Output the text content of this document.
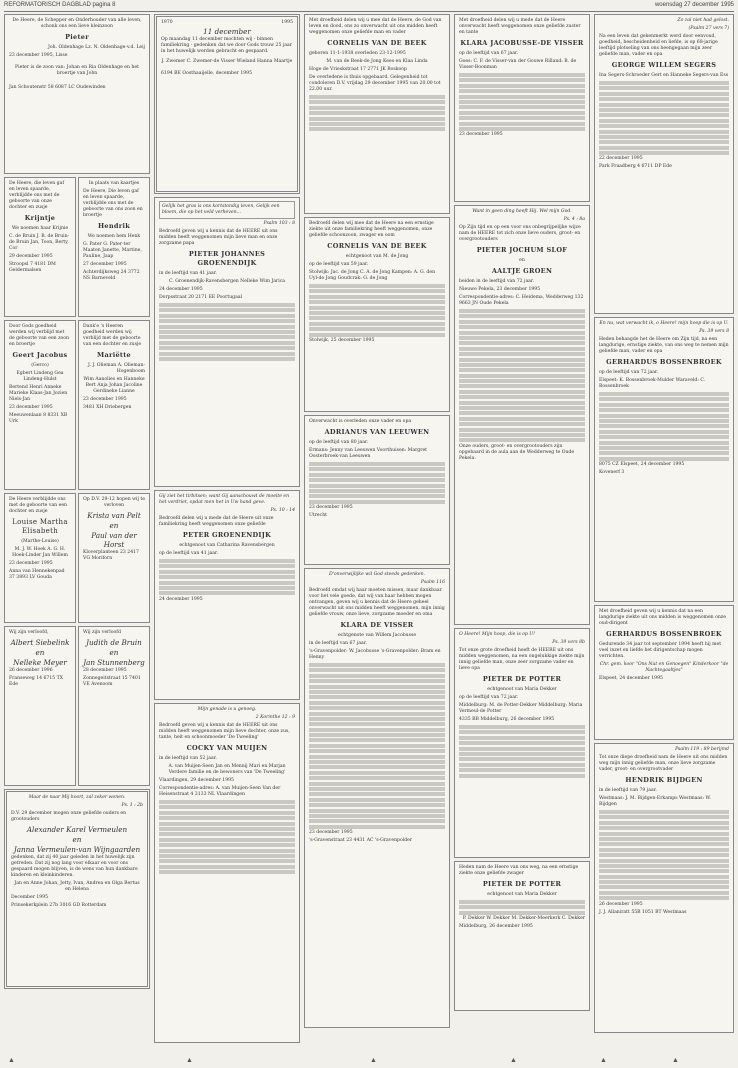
REFORMATORISCH DAGBLAD pagina 8	woensdag 27 december 1995

De Heere, de Schepper en Onderhouder van alle leven, schonk ons een lieve kleinzoon

Pieter

Joh. Oldenhage Lz. N. Oldenhage-v.d. Leij

23 december 1995, Lisse

Pieter is de zoon van: Johan en Ria Oldenhage en het broertje van John

Jan Schoutenstr 58 6087 LC Oudewinden

De Heere, die leven gaf en leven spaarde, verblijdde ons met de geboorte van onze dochter en zusje

Krijntje

We noemen haar Krijnie

C. de Bruin J. B. de Bruin-de Bruin Jan, Toon, Berty, Cor

29 december 1995

Stroopsl 7 4181 DM Geldermalsen

In plaats van kaartjes

De Heere, Die leven gaf en leven spaarde, verblijdde ons met de geboorte van ons zoon en broertje

Hendrik

We noemen hem Henk

G. Pater G. Pater-ter Maaten Janette, Martine, Pauline, Jaap

27 december 1995

Achterdijksweg 24 3772 NS Barneveld

Door Gods goedheid werden wij verblijd met de geboorte van een zoon en broertje

Geert Jacobus

(Gerco)

Egbert Lindeng Gea Lindeng-Hulst

Bertend Henri Anneke Marieke Klaas-Jan Jozien Niels-Jan

23 december 1995

Meeuwenlaan 8 8331 XB Urk

Dank'e 's Heeren goedheid werden wij verblijd met de geboorte van een dochter en zusje

Mariëtte

J. J. Olieman A. Olieman-Hogenboom

Wim Aanolies en Hanneke Bert Anja Johan Jacoline Gerdineke Lianne

23 december 1995

3481 XH Driebergen

De Heere verblijdde ons met de geboorte van een dochter en zusje

Louise Martha Elisabeth

(Marthe-Louise)

M. J. W. Hoek A. G. H. Hoek-Linder Jan Willem

23 december 1995

Anna van Hennekenpad 37 3893 LV Gouda

Op D.V. 29-12 hopen wij te verloven

Krista van Pelt
en
Paul van der Horst

Kloverplanteen 23 2417 VG Moriforn

Wij zijn verloofd,

Albert Siebelink
en
Nelleke Meyer

26 december 1996

Franseweg 14 6715 TX Ede

Wij zijn verloofd

Judith de Bruin
en
Jan Stunnenberg

28 december 1995

Zonnegeitstraat 15 7401 VE Avenoom

Maar de naar Mij hoort, zal zeker wonen.

Ps. 1 : 2b

D.V. 29 december mogen onze geliefde ouders en grootouders

Alexander Karel Vermeulen
en
Janna Vermeulen-van Wijngaarden

gedenken, dat zij 40 jaar geleden in het huwelijk zijn getreden. Dat zij nog lang voor elkaar en voor ons gespaard mogen blijven, is de wens van hun dankbare kinderen en kleinkinderen.

Jan en Anne Johan, Jetty, Ivan, Andrea en Olga Bertus en Helena

December 1995

Prinsekerkplein 27b 3016 GD Rotterdam

1970	1995
11 december

Op maandag 11 december mochten wij - binnen familiekring - gedenken dat we door Gods trouw 25 jaar in het huwelijk werden gebracht en gespaard.

J. Zwemer C. Zwemer-de Visser Wieland Hanna Maartje

6194 BE Oosthaaijelle, december 1995

Gelijk het gras is ons kortstondig leven, Gelijk een bloem, die op het veld verheven...

Psalm 103 : 8

Bedroefd geven wij u kennis dat de HEERE uit ons midden heeft weggenomen mijn lieve man en onze zorgzame papa

PIETER JOHANNES GROENENDIJK

in de leeftijd van 41 jaar.

C. Groenendijk-Ravensbergen Nelleke Wim Jarica

24 december 1995

Dorpsstraat 20 2171 EE Poortugaal

Gij ziet het tirbitsen; want Gij aanschouwt de moeite en het verdriet, opdat men het in Uw hand geve.

Ps. 10 : 14

Bedroefd delen wij u mede dat de Heere uit onze familiekring heeft weggenomen onze geliefde

PETER GROENENDIJK

echtgenoot van Catharina Ravensbergen

op de leeftijd van 41 jaar.

24 december 1995

Mijn genade is u genoeg.

2 Korinthe 12 : 9

Bedroefd geven wij u kennis dat de HEERE uit ons midden heeft weggenomen mijn lieve dochter, onze zus, tante, heit en schoonmoeder 'De Tweeling'

COCKY VAN MUIJEN

in de leeftijd van 52 jaar.

A. van Muijen-Seen Jan en Mennij Mari en Marjan Verdere familie en de bewoners van 'De Tweeling'

Vlaardingen, 29 december 1995

Correspondentie-adres: A. van Muijen-Seen Van der Heisenstraat 4 3133 NL Vlaardingen

Met droefheid delen wij u mee dat de Heere, de God van leven en dood, ons zo onverwacht uit ons midden heeft weggenomen onze geliefde man en vader

CORNELIS VAN DE BEEK

geboren 11-1-1938 overleden 23-12-1995

M. van de Beek-de Jong Kees en Klaa Linda

Hoge de Vrieskstraat 17 2771 JK Boskoop

De overledene is thuis opgebaard. Gelegenheid tot condoleren D.V. vrijdag 29 december 1995 van 20.00 tot 22.00 uur.

Bedroefd delen wij mee dat de Heere na een ernstige ziekte uit onze familiekring heeft weggenomen, onze geliefde schoonzoon, zwager en oom

CORNELIS VAN DE BEEK

echtgenoot van M. de Jong

op de leeftijd van 59 jaar.

Stolwijk: Jac. de Jong C. A. de Jong Kampen: A. G. den Uyl-de Jong Goudcrak: G. de Jong

Stolwijk, 25 december 1995

Onverwacht is overleden onze vader en opa

ADRIANUS VAN LEEUWEN

op de leeftijd van 80 jaar.

Ermans: Jenny van Leeuwen Voorthuisen: Margret Oosterbroek-van Leeuwen

23 december 1995

Utrecht

D'onverwijlijke wil God steeds gedenken.

Psalm 116

Bedroefd omdat wij haar moeten missen, maar dankbaar voor het vele goede, dat wij van haar hebben mogen ontvangen, geven wij u kennis dat de Heere geheel onverwacht uit ons midden heeft weggenomen, mijn innig geliefde vrouw, onze lieve, zorgzame moeder en oma

KLARA DE VISSER

echtgenote van Willem Jacobusse

in de leeftijd van 67 jaar.

's-Gravenpolder: W. Jacobusse 's-Gravenpolder: Bram en Henny

23 december 1995

's-Gravenstraat 23 4431 AC 's-Gravenpolder

Met droefheid delen wij u mede dat de Heere onverwacht heeft weggenomen onze geliefde zuster en tante

KLARA JACOBUSSE-DE VISSER

op de leeftijd van 67 jaar.

Goes: C. F. de Visser-van der Gouwe Rilland: B. de Visser-Boonman

23 december 1995

Want in geen ding heeft Hij. Wel mijn God.

Ps. 4 : 8a

Op Zijn tijd en op een voor ons onbegrijpelijke wijze nam de HEERE tot zich onze lieve ouders, groot- en overgrootouders

PIETER JOCHUM SLOF
en
AALTJE GROEN

beiden in de leeftijd van 72 jaar.

Nieuwe Pekela, 23 december 1995

Correspondentie-adres: C. Heidema, Wedderweg 132 9663 JN Oude Pekela

Onze ouders, groot- en overgrootouders zijn opgebaard in de aula aan de Wedderweg te Oude Pekela.

O Heere! Mijn hoop, die is op U!

Ps. 39 vers 8b

Tot onze grote droefheid heeft de HEERE uit ons midden weggenomen, na een ongelukkige ziekte mijn innig geliefde man, onze zeer zorgzame vader en lieve opa

PIETER DE POTTER

echtgenoot van Maria Dekker

op de leeftijd van 72 jaar.

Middelburg: M. de Potter-Dekker Middelburg: Maria Vermeul-de Potter

4335 BB Middelburg, 26 december 1995

Heden nam de Heere van ons weg, na een ernstige ziekte onze geliefde zwager

PIETER DE POTTER

echtgenoot van Maria Dekker

P. Dekker W. Dekker M. Dekker-Meerkerk C. Dekker

Middelburg, 26 december 1995

Zo zal niet had gelost.

(Psalm 27 vers 7)

Na een leven dat gekenmerkt werd door eenvoud, goedheid, bescheidenheid en liefde, is op 68-jarige leeftijd plotseling van ons heengegaan mijn zeer geliefde man, vader en opa

GEORGE WILLEM SEGERS

Ina Segers-Schroeder Gert en Hanneke Segers-van Ess

22 december 1995

Park Fraadberg 4 6711 DP Ede

En nu, wat verwacht ik, o Heere! mijn hoop die is op U.

Ps. 39 vers 8

Heden behaagde het de Heere om Zijn tijd, na een langdurige, ernstige ziekte, van ons weg te nemen mijn geliefde man, vader en opa

GERHARDUS BOSSENBROEK

op de leeftijd van 72 jaar.

Elspeet: K. Bossenbroek-Mulder Waraveld: C. Bossenbroek

8075 CZ Elspeet, 24 december 1995

Kovenerf 3

Met droefheid geven wij u kennis dat na een langdurige ziekte uit ons midden is weggenomen onze oud-dirigent

GERHARDUS BOSSENBROEK

Gedurende 34 jaar tot september 1994 heeft hij met veel inzet en liefde het dirigentschap mogen verrichten.

Chr. gem. koor "Ons Nut en Genoegen" Kinderkoor "de Nachtegaaltjes"

Elspeet, 24 december 1995

Psalm 119 : 89 berijmd

Tot onze diepe droefheid nam de Heere uit ons midden weg mijn innig geliefde man, onze lieve zorgzame vader, groot- en overgrootvader

HENDRIK BIJDGEN

in de leeftijd van 79 jaar.

Westmaas: J. M. Bijdgen-Erkamps Westmaas: W. Bijdgen

26 december 1995

J. J. Allaniratt 55B 1051 BT Westmaas

▲	▲	▲	▲	▲	▲
